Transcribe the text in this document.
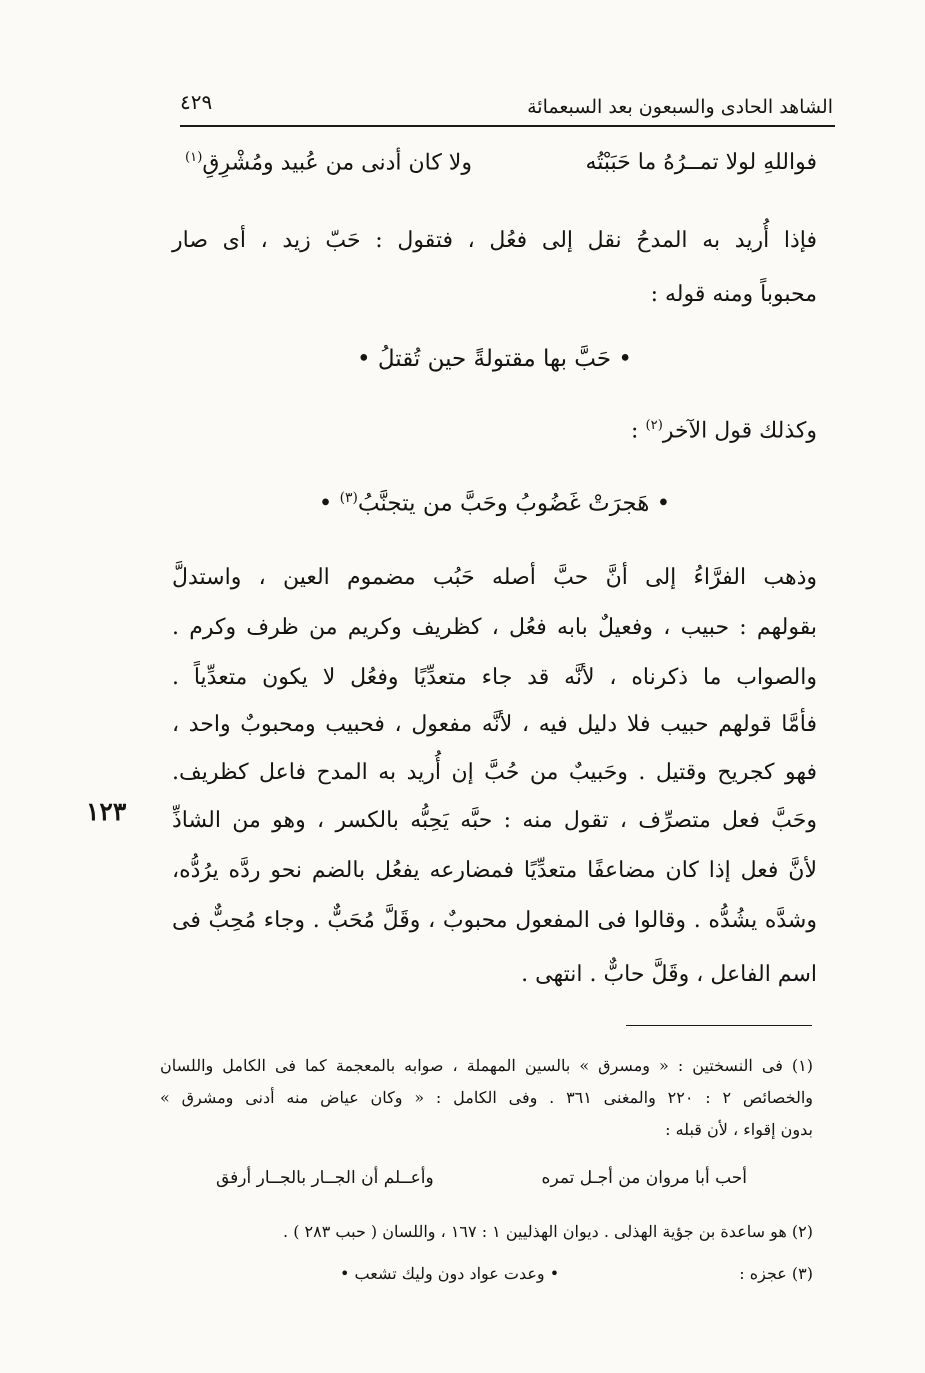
الشاهد الحادى والسبعون بعد السبعمائة
٤٢٩
فواللهِ لولا تمــرُهُ ما حَبَبْتُه
ولا كان أدنى من عُبيد ومُشْرِقِ$^{(١)}$
فإذا أُريد به المدحُ نقل إلى فعُل ، فتقول : حَبّ زيد ، أى صار
محبوباً ومنه قوله :
• حَبَّ بها مقتولةً حين تُقتلُ •
وكذلك قول الآخر$^{(٢)}$ :
• هَجرَتْ غَضُوبُ وحَبَّ من يتجنَّبُ$^{(٣)}$ •
وذهب الفرَّاءُ إلى أنَّ حبَّ أصله حَبُب مضموم العين ، واستدلَّ
بقولهم : حبيب ، وفعيلٌ بابه فعُل ، كظريف وكريم من ظرف وكرم .
والصواب ما ذكرناه ، لأنَّه قد جاء متعدِّيًا وفعُل لا يكون متعدِّياً .
فأمَّا قولهم حبيب فلا دليل فيه ، لأنَّه مفعول ، فحبيب ومحبوبٌ واحد ،
فهو كجريح وقتيل . وحَبيبٌ من حُبَّ إن أُريد به المدح فاعل كظريف.
وحَبَّ فعل متصرِّف ، تقول منه : حبَّه يَحِبُّه بالكسر ، وهو من الشاذِّ
لأنَّ فعل إذا كان مضاعفًا متعدِّيًا فمضارعه يفعُل بالضم نحو ردَّه يرُدُّه،
وشدَّه يشُدُّه . وقالوا فى المفعول محبوبٌ ، وقَلَّ مُحَبٌّ . وجاء مُحِبٌّ فى
اسم الفاعل ، وقَلَّ حابٌّ . انتهى .
١٢٣
(١) فى النسختين : « ومسرق » بالسين المهملة ، صوابه بالمعجمة كما فى الكامل واللسان
والخصائص ٢ : ٢٢٠ والمغنى ٣٦١ . وفى الكامل : « وكان عياض منه أدنى ومشرق »
بدون إقواء ، لأن قبله :
أحب أبا مروان من أجـل تمره
وأعــلم أن الجــار بالجــار أرفق
(٢) هو ساعدة بن جؤية الهذلى . ديوان الهذليين ١ : ١٦٧ ، واللسان ( حبب ٢٨٣ ) .
(٣) عجزه :
• وعدت عواد دون وليك تشعب •
